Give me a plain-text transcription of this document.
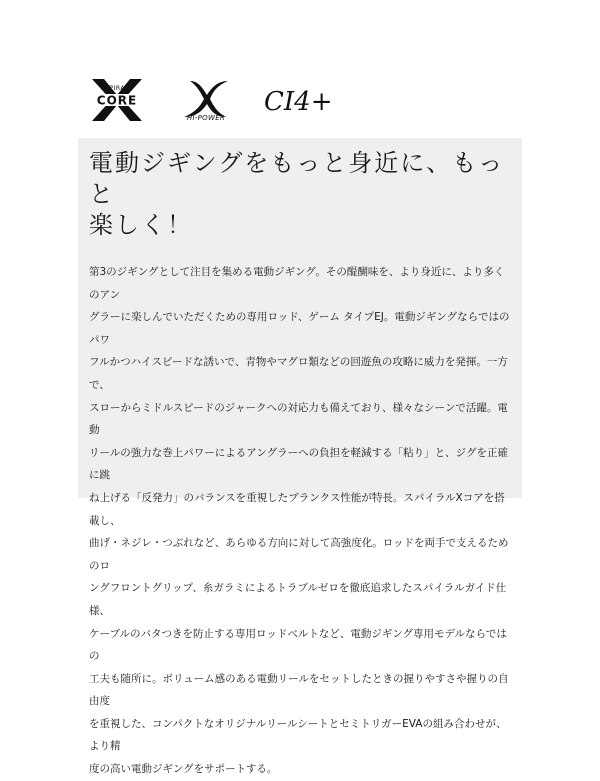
SPIRAL
CORE
HI-POWER
CI4+
電動ジギングをもっと身近に、もっと
楽しく！

第3のジギングとして注目を集める電動ジギング。その醍醐味を、より身近に、より多くのアン
グラーに楽しんでいただくための専用ロッド、ゲーム タイプEJ。電動ジギングならではのパワ
フルかつハイスピードな誘いで、青物やマグロ類などの回遊魚の攻略に威力を発揮。一方で、
スローからミドルスピードのジャークへの対応力も備えており、様々なシーンで活躍。電動
リールの強力な巻上パワーによるアングラーへの負担を軽減する「粘り」と、ジグを正確に跳
ね上げる「反発力」のバランスを重視したブランクス性能が特長。スパイラルXコアを搭載し、
曲げ・ネジレ・つぶれなど、あらゆる方向に対して高強度化。ロッドを両手で支えるためのロ
ングフロントグリップ、糸ガラミによるトラブルゼロを徹底追求したスパイラルガイド仕様、
ケーブルのバタつきを防止する専用ロッドベルトなど、電動ジギング専用モデルならではの
工夫も随所に。ボリューム感のある電動リールをセットしたときの握りやすさや握りの自由度
を重視した、コンパクトなオリジナルリールシートとセミトリガーEVAの組み合わせが、より精
度の高い電動ジギングをサポートする。
